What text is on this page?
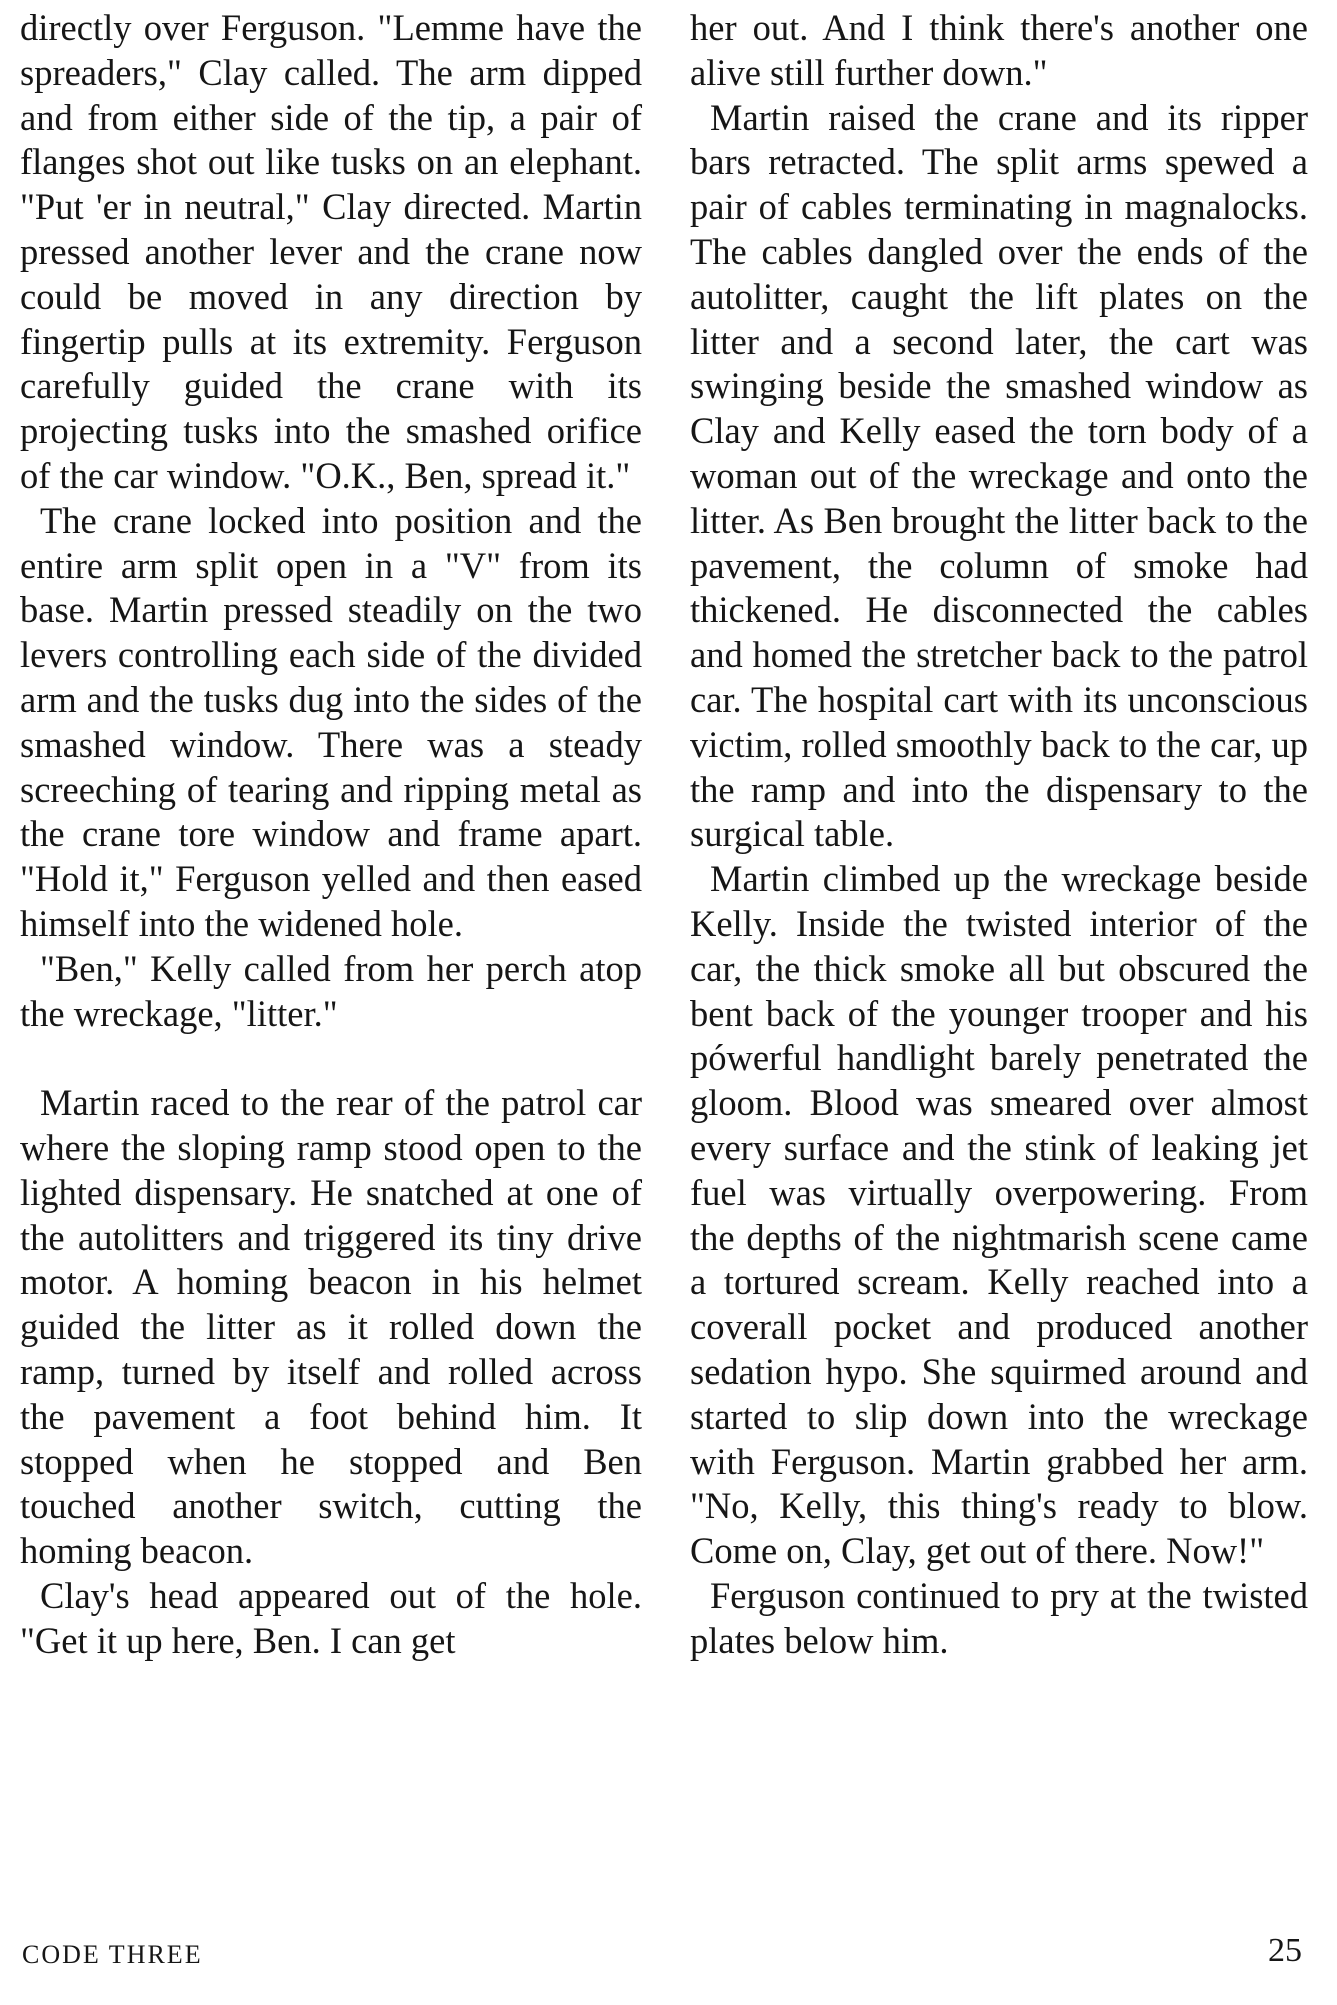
directly over Ferguson. "Lemme have the spreaders," Clay called. The arm dipped and from either side of the tip, a pair of flanges shot out like tusks on an elephant. "Put 'er in neutral," Clay directed. Martin pressed another lever and the crane now could be moved in any direction by fingertip pulls at its extremity. Ferguson carefully guided the crane with its projecting tusks into the smashed orifice of the car window. "O.K., Ben, spread it."

The crane locked into position and the entire arm split open in a "V" from its base. Martin pressed steadily on the two levers controlling each side of the divided arm and the tusks dug into the sides of the smashed window. There was a steady screeching of tearing and ripping metal as the crane tore window and frame apart. "Hold it," Ferguson yelled and then eased himself into the widened hole.

"Ben," Kelly called from her perch atop the wreckage, "litter."

Martin raced to the rear of the patrol car where the sloping ramp stood open to the lighted dispensary. He snatched at one of the autolitters and triggered its tiny drive motor. A homing beacon in his helmet guided the litter as it rolled down the ramp, turned by itself and rolled across the pavement a foot behind him. It stopped when he stopped and Ben touched another switch, cutting the homing beacon.

Clay's head appeared out of the hole. "Get it up here, Ben. I can get

her out. And I think there's another one alive still further down."

Martin raised the crane and its ripper bars retracted. The split arms spewed a pair of cables terminating in magnalocks. The cables dangled over the ends of the autolitter, caught the lift plates on the litter and a second later, the cart was swinging beside the smashed window as Clay and Kelly eased the torn body of a woman out of the wreckage and onto the litter. As Ben brought the litter back to the pavement, the column of smoke had thickened. He disconnected the cables and homed the stretcher back to the patrol car. The hospital cart with its unconscious victim, rolled smoothly back to the car, up the ramp and into the dispensary to the surgical table.

Martin climbed up the wreckage beside Kelly. Inside the twisted interior of the car, the thick smoke all but obscured the bent back of the younger trooper and his pówerful handlight barely penetrated the gloom. Blood was smeared over almost every surface and the stink of leaking jet fuel was virtually overpowering. From the depths of the nightmarish scene came a tortured scream. Kelly reached into a coverall pocket and produced another sedation hypo. She squirmed around and started to slip down into the wreckage with Ferguson. Martin grabbed her arm. "No, Kelly, this thing's ready to blow. Come on, Clay, get out of there. Now!"

Ferguson continued to pry at the twisted plates below him.

CODE THREE	25
